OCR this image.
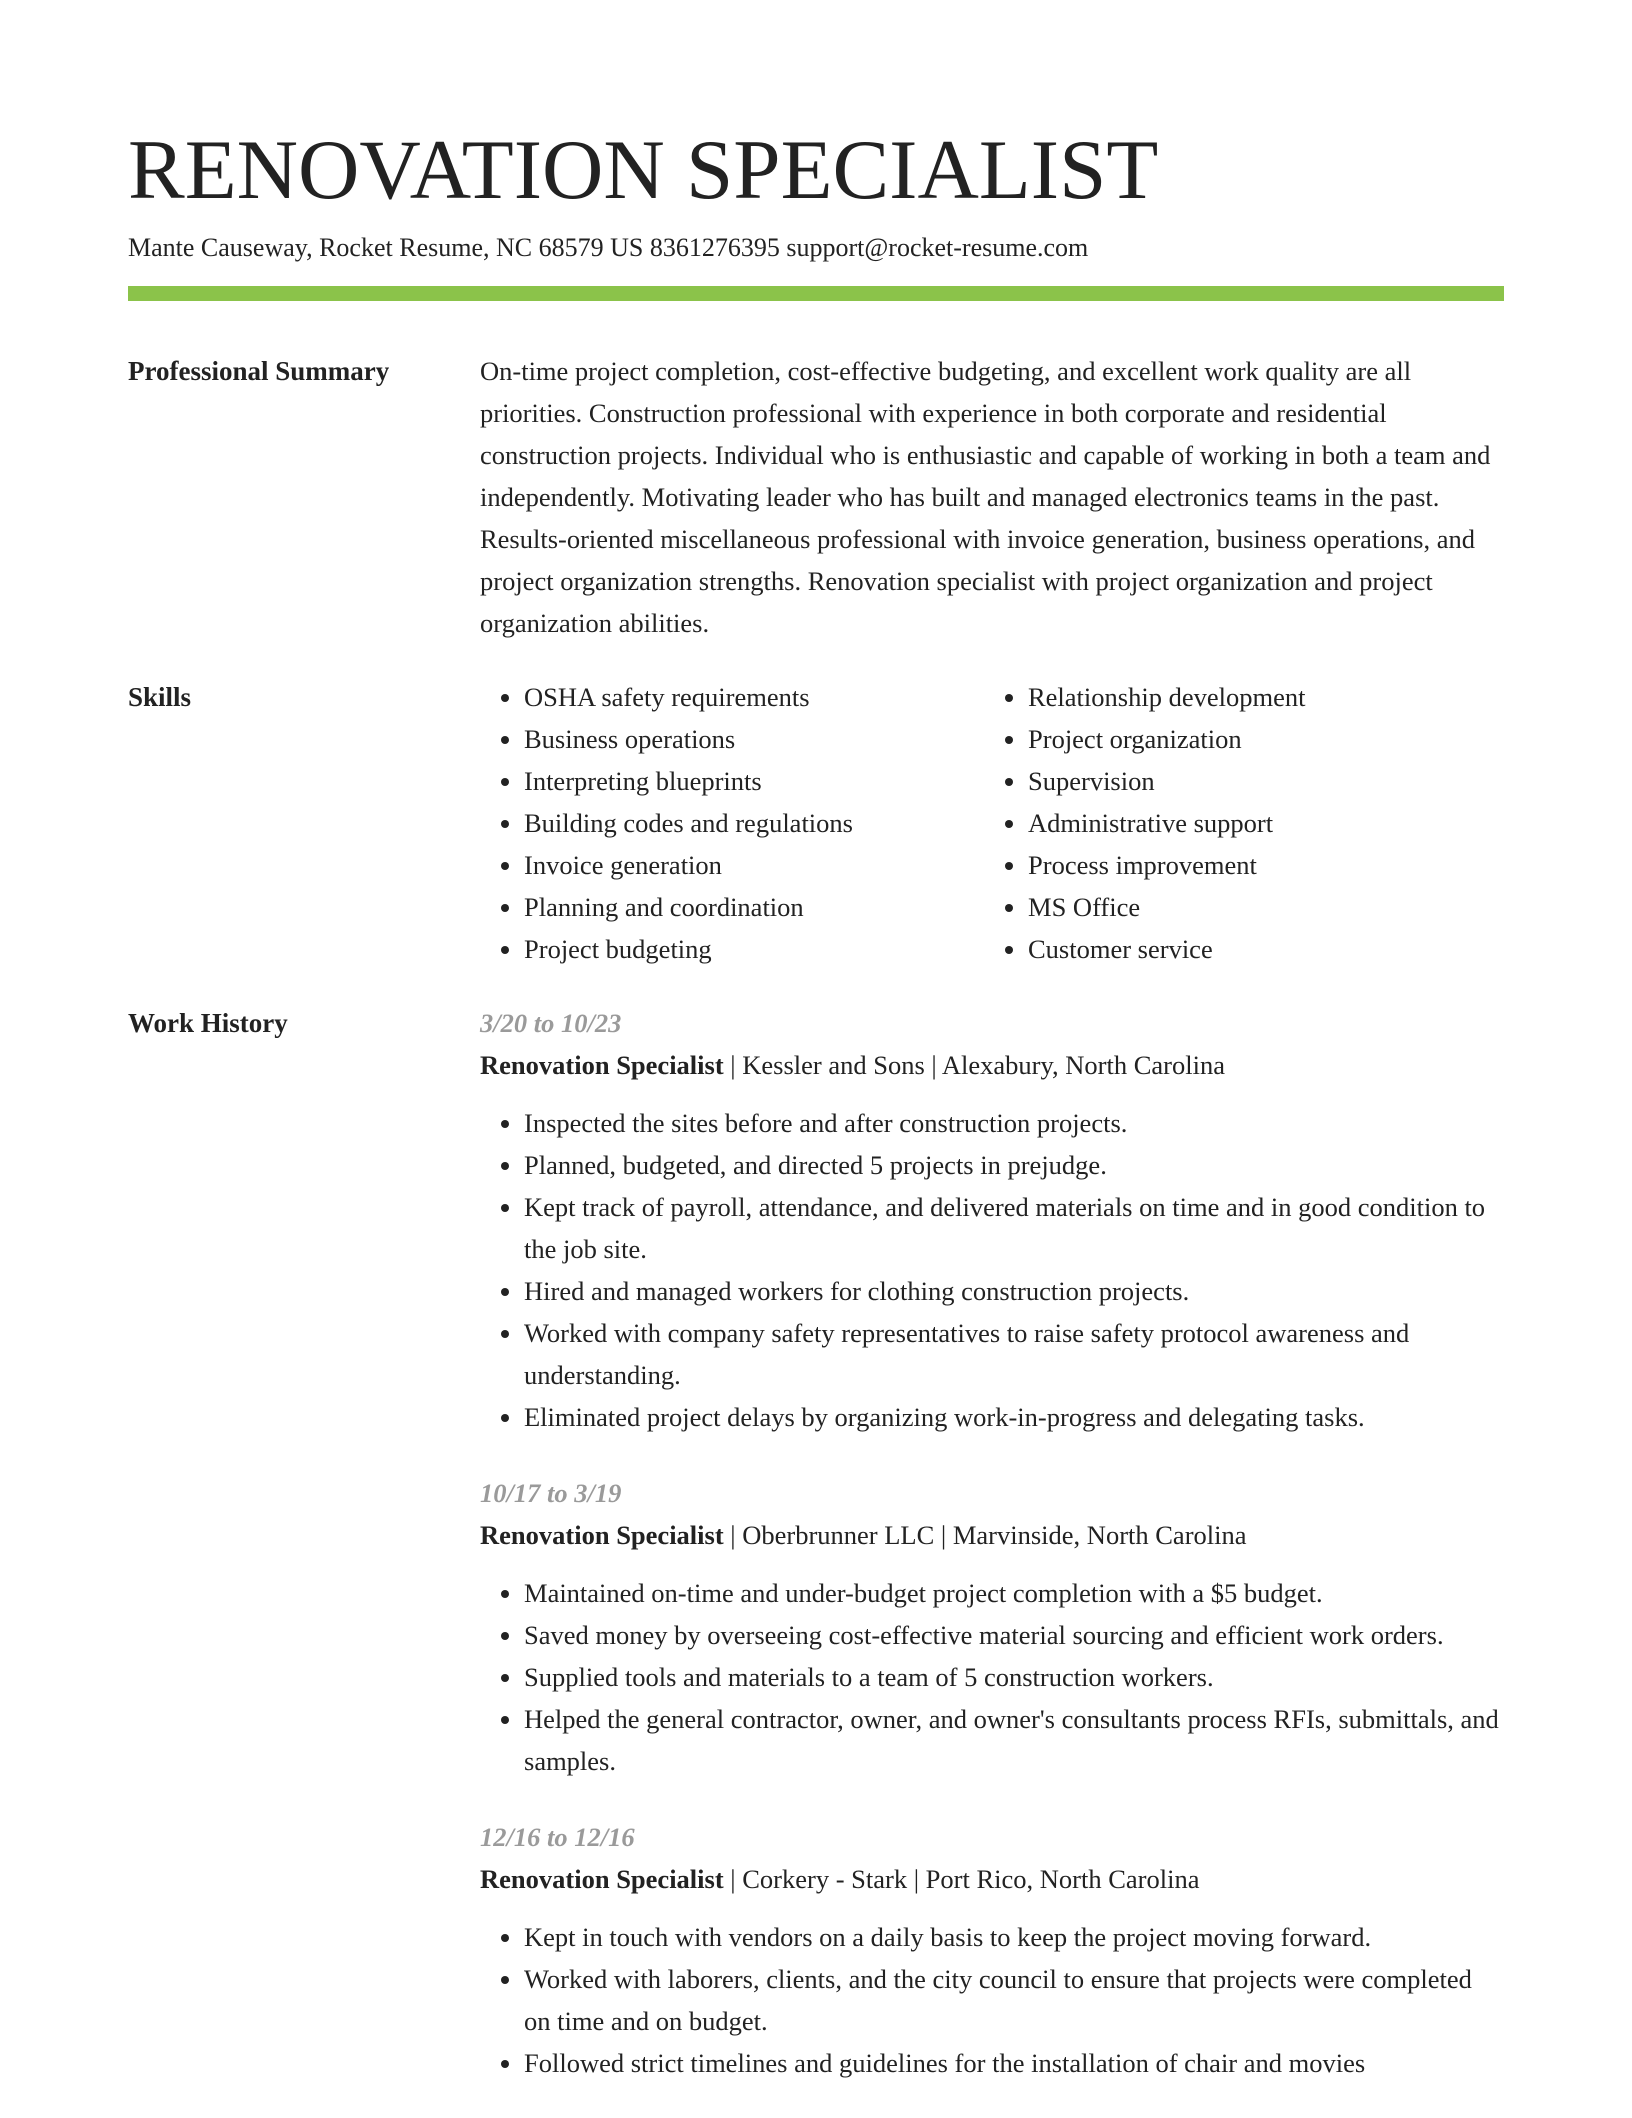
RENOVATION SPECIALIST
Mante Causeway, Rocket Resume, NC 68579 US 8361276395 support@rocket-resume.com
Professional Summary	On-time project completion, cost-effective budgeting, and excellent work quality are all priorities. Construction professional with experience in both corporate and residential construction projects. Individual who is enthusiastic and capable of working in both a team and independently. Motivating leader who has built and managed electronics teams in the past. Results-oriented miscellaneous professional with invoice generation, business operations, and project organization strengths. Renovation specialist with project organization and project organization abilities.

Skills
•	OSHA safety requirements
• Business operations
• Interpreting blueprints
• Building codes and regulations
• Invoice generation
• Planning and coordination
• Project budgeting
• Relationship development
• Project organization
• Supervision
• Administrative support
• Process improvement
• MS Office
• Customer service
Work History	3/20 to 10/23
Renovation Specialist | Kessler and Sons | Alexabury, North Carolina
• Inspected the sites before and after construction projects.
• Planned, budgeted, and directed 5 projects in prejudge.
• Kept track of payroll, attendance, and delivered materials on time and in good condition to the job site.
• Hired and managed workers for clothing construction projects.
• Worked with company safety representatives to raise safety protocol awareness and understanding.
• Eliminated project delays by organizing work-in-progress and delegating tasks.
10/17 to 3/19
Renovation Specialist | Oberbrunner LLC | Marvinside, North Carolina
• Maintained on-time and under-budget project completion with a $5 budget.
• Saved money by overseeing cost-effective material sourcing and efficient work orders.
• Supplied tools and materials to a team of 5 construction workers.
• Helped the general contractor, owner, and owner's consultants process RFIs, submittals, and samples.
12/16 to 12/16
Renovation Specialist | Corkery - Stark | Port Rico, North Carolina
• Kept in touch with vendors on a daily basis to keep the project moving forward.
• Worked with laborers, clients, and the city council to ensure that projects were completed on time and on budget.
• Followed strict timelines and guidelines for the installation of chair and movies
